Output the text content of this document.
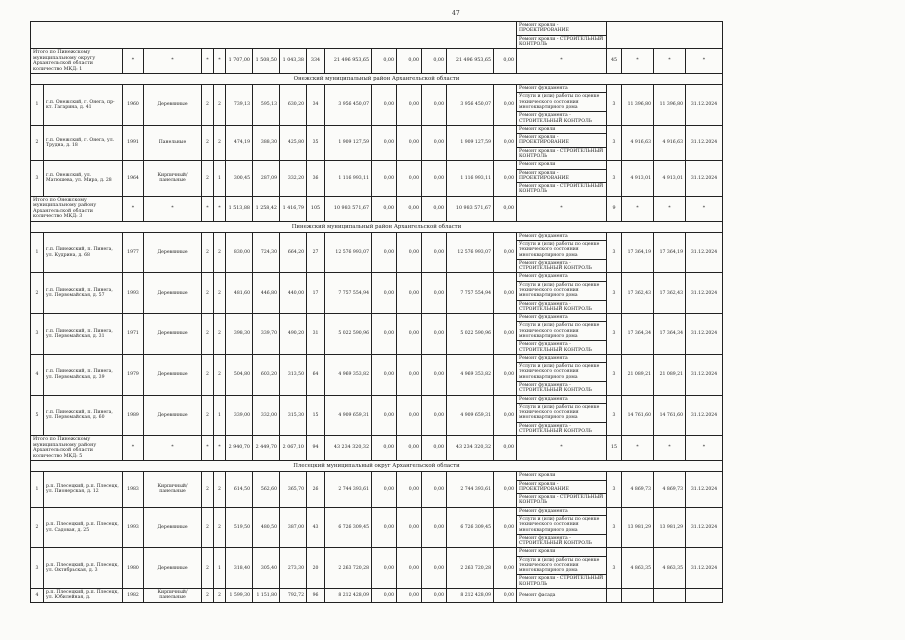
47

																Ремонт кровли - ПРОЕКТИРОВАНИЕ
Ремонт кровли - СТРОИТЕЛЬНЫЙ КОНТРОЛЬ				

Итого по Пинежскому муниципальному округу Архангельской области количество МКД: 1		*	*	*	*	1 707,00	1 508,50	1 043,38	334	21 496 953,65	0,00	0,00	0,00	21 496 953,65	0,00	*	45	*	*	*
Онежский муниципальный район Архангельской области																				
1	г.п. Онежский, г. Онега, пр-кт. Гагарина, д. 41	1960	Деревянные	2	2	739,13	595,13	630,20	34	3 956 450,07	0,00	0,00	0,00	3 956 450,07	0,00	Ремонт фундамента
Услуги и (или) работы по оценке технического состояния многоквартирного дома
Ремонт фундамента - СТРОИТЕЛЬНЫЙ КОНТРОЛЬ	3	11 396,80	11 396,80	31.12.2024
2	г.п. Онежский, г. Онега, ул. Трудна, д. 18	1991	Панельные	2	2	474,19	388,30	425,80	35	1 909 127,59	0,00	0,00	0,00	1 909 127,59	0,00	Ремонт кровли
Ремонт кровли - ПРОЕКТИРОВАНИЕ
Ремонт кровли - СТРОИТЕЛЬНЫЙ КОНТРОЛЬ	3	4 916,63	4 916,63	31.12.2024
3	г.п. Онежский, ул. Матюшева, ул. Мира, д. 28	1964	Кирпичный/панельные	2	1	300,45	287,09	332,20	36	1 116 993,11	0,00	0,00	0,00	1 116 993,11	0,00	Ремонт кровли
Ремонт кровли - ПРОЕКТИРОВАНИЕ
Ремонт кровли - СТРОИТЕЛЬНЫЙ КОНТРОЛЬ	3	4 913,01	4 913,01	31.12.2024
Итого по Онежскому муниципальному району Архангельской области количество МКД: 3		*	*	*	*	1 513,88	1 258,42	1 416,79	105	10 983 571,67	0,00	0,00	0,00	10 983 571,67	0,00	*	9	*	*	*
Пинежский муниципальный район Архангельской области																				
1	г.п. Пинежский, п. Пинега, ул. Кудрина, д. 68	1977	Деревянные	2	2	830,00	724,30	664,20	27	12 576 993,07	0,00	0,00	0,00	12 576 993,07	0,00	Ремонт фундамента
Услуги и (или) работы по оценке технического состояния многоквартирного дома
Ремонт фундамента - СТРОИТЕЛЬНЫЙ КОНТРОЛЬ	3	17 364,19	17 364,19	31.12.2024
2	г.п. Пинежский, п. Пинега, ул. Первомайская, д. 57	1993	Деревянные	2	2	481,60	446,80	440,00	17	7 757 554,94	0,00	0,00	0,00	7 757 554,94	0,00	Ремонт фундамента
Услуги и (или) работы по оценке технического состояния многоквартирного дома
Ремонт фундамента - СТРОИТЕЛЬНЫЙ КОНТРОЛЬ	3	17 362,43	17 362,43	31.12.2024
3	г.п. Пинежский, п. Пинега, ул. Первомайская, д. 31	1971	Деревянные	2	2	398,30	339,70	490,20	31	5 022 590,96	0,00	0,00	0,00	5 022 590,96	0,00	Ремонт фундамента
Услуги и (или) работы по оценке технического состояния многоквартирного дома
Ремонт фундамента - СТРОИТЕЛЬНЫЙ КОНТРОЛЬ	3	17 364,34	17 364,34	31.12.2024
4	г.п. Пинежский, п. Пинега, ул. Первомайская, д. 39	1979	Деревянные	2	2	504,80	603,20	313,50	64	4 969 353,82	0,00	0,00	0,00	4 969 353,82	0,00	Ремонт фундамента
Услуги и (или) работы по оценке технического состояния многоквартирного дома
Ремонт фундамента - СТРОИТЕЛЬНЫЙ КОНТРОЛЬ	3	21 089,21	21 089,21	31.12.2024
5	г.п. Пинежский, п. Пинега, ул. Первомайская, д. 60	1989	Деревянные	2	1	339,00	332,00	315,30	15	4 909 659,31	0,00	0,00	0,00	4 909 659,31	0,00	Ремонт фундамента
Услуги и (или) работы по оценке технического состояния многоквартирного дома
Ремонт фундамента - СТРОИТЕЛЬНЫЙ КОНТРОЛЬ	3	14 761,60	14 761,60	31.12.2024
Итого по Пинежскому муниципальному району Архангельской области количество МКД: 5		*	*	*	*	2 940,70	2 449,70	2 067,10	94	43 234 320,32	0,00	0,00	0,00	43 234 320,32	0,00	*	15	*	*	*
Плесецкий муниципальный округ Архангельской области																				
1	р.п. Плесецкий, р.п. Плесецк, ул. Пионерская, д. 12	1983	Кирпичный/панельные	2	2	614,50	562,60	365,70	26	2 744 393,61	0,00	0,00	0,00	2 744 393,61	0,00	Ремонт кровли
Ремонт кровли - ПРОЕКТИРОВАНИЕ
Ремонт кровли - СТРОИТЕЛЬНЫЙ КОНТРОЛЬ	3	4 869,73	4 869,73	31.12.2024
2	р.п. Плесецкий, р.п. Плесецк, ул. Садовая, д. 25	1993	Деревянные	2	2	519,50	480,50	387,00	43	6 726 309,45	0,00	0,00	0,00	6 726 309,45	0,00	Ремонт фундамента
Услуги и (или) работы по оценке технического состояния многоквартирного дома
Ремонт фундамента - СТРОИТЕЛЬНЫЙ КОНТРОЛЬ	3	13 981,29	13 981,29	31.12.2024
3	р.п. Плесецкий, р.п. Плесецк, ул. Октябрьская, д. 3	1980	Деревянные	2	1	318,40	305,40	273,30	20	2 263 720,28	0,00	0,00	0,00	2 263 720,28	0,00	Ремонт кровли
Услуги и (или) работы по оценке технического состояния многоквартирного дома
Ремонт кровли - СТРОИТЕЛЬНЫЙ КОНТРОЛЬ	3	4 863,35	4 863,35	31.12.2024
4	р.п. Плесецкий, р.п. Плесецк, ул. Юбилейная, д.	1982	Кирпичный/панельные	2	2	1 599,30	1 151,80	792,72	96	8 212 428,09	0,00	0,00	0,00	8 212 428,09	0,00	Ремонт фасада				
